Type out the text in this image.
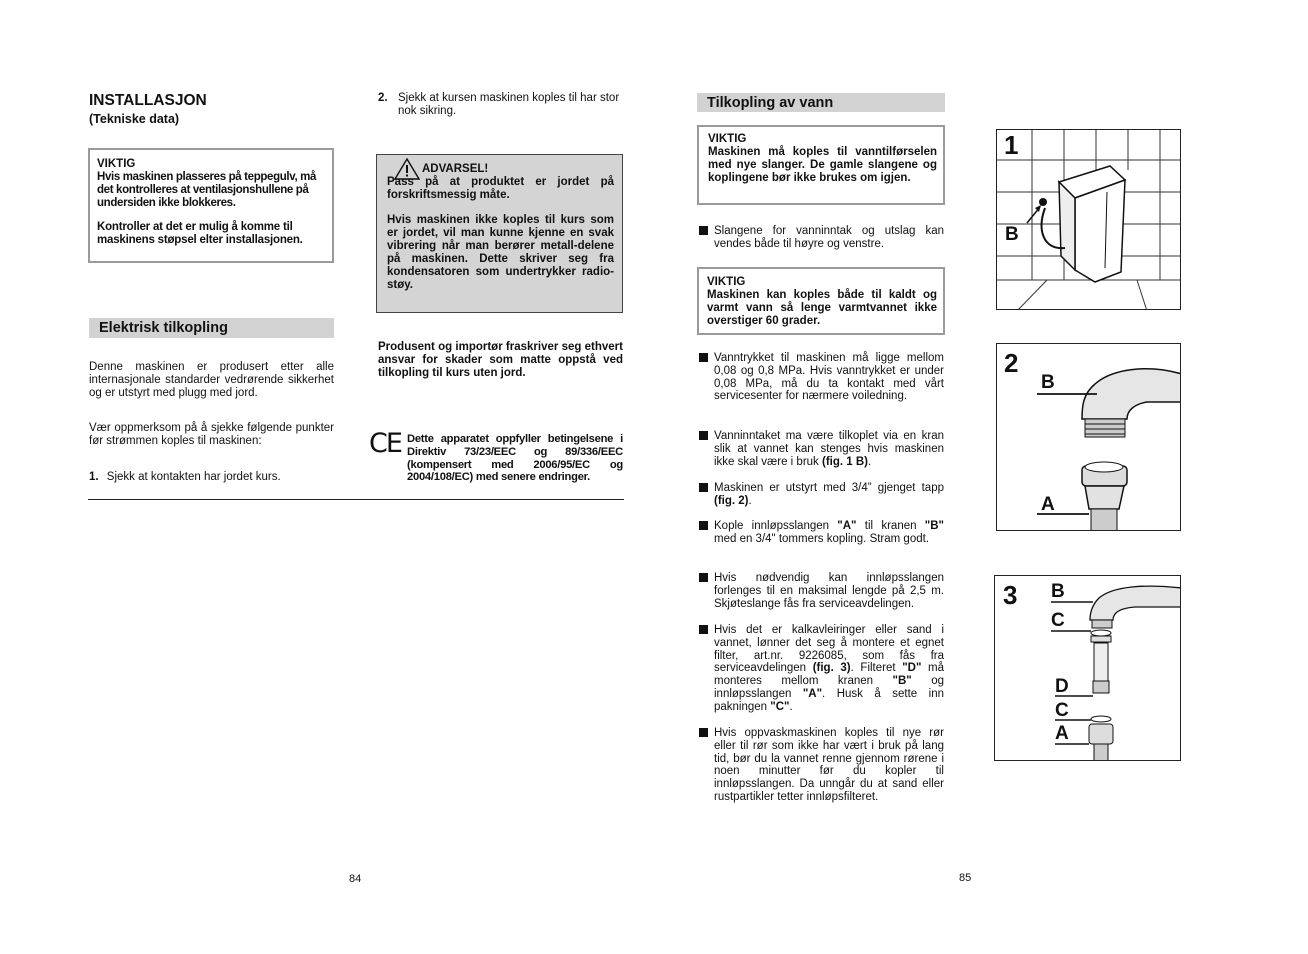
INSTALLASJON
(Tekniske data)

VIKTIG

Hvis maskinen plasseres på teppegulv, må det kontrolleres at ventilasjonshullene på undersiden ikke blokkeres.

Kontroller at det er mulig å komme til maskinens støpsel elter installasjonen.

Elektrisk tilkopling

Denne maskinen er produsert etter alle internasjonale standarder vedrørende sikkerhet og er utstyrt med plugg med jord.

Vær oppmerksom på å sjekke følgende punkter før strømmen koples til maskinen:

1. Sjekk at kontakten har jordet kurs.
2. Sjekk at kursen maskinen koples til har stor nok sikring.

ADVARSEL!

Pass på at produktet er jordet på forskriftsmessig måte.

Hvis maskinen ikke koples til kurs som er jordet, vil man kunne kjenne en svak vibrering når man berører metall-delene på maskinen. Dette skriver seg fra kondensatoren som undertrykker radio-støy.

Produsent og importør fraskriver seg ethvert ansvar for skader som matte oppstå ved tilkopling til kurs uten jord.

CE Dette apparatet oppfyller betingelsene i Direktiv 73/23/EEC og 89/336/EEC (kompensert med 2006/95/EC og 2004/108/EC) med senere endringer.

84
Tilkopling av vann

VIKTIG

Maskinen må koples til vanntilførselen med nye slanger. De gamle slangene og koplingene bør ikke brukes om igjen.

Slangene for vanninntak og utslag kan vendes både til høyre og venstre.

VIKTIG

Maskinen kan koples både til kaldt og varmt vann så lenge varmtvannet ikke overstiger 60 grader.

Vanntrykket til maskinen må ligge mellom 0,08 og 0,8 MPa. Hvis vanntrykket er under 0,08 MPa, må du ta kontakt med vårt servicesenter for nærmere voiledning.

Vanninntaket ma være tilkoplet via en kran slik at vannet kan stenges hvis maskinen ikke skal være i bruk (fig. 1 B).

Maskinen er utstyrt med 3/4” gjenget tapp (fig. 2).

Kople innløpsslangen "A" til kranen "B" med en 3/4" tommers kopling. Stram godt.

Hvis nødvendig kan innløpsslangen forlenges til en maksimal lengde på 2,5 m. Skjøteslange fås fra serviceavdelingen.

Hvis det er kalkavleiringer eller sand i vannet, lønner det seg å montere et egnet filter, art.nr. 9226085, som fås fra serviceavdelingen (fig. 3). Filteret "D" må monteres mellom kranen "B" og innløpsslangen "A". Husk å sette inn pakningen "C".

Hvis oppvaskmaskinen koples til nye rør eller til rør som ikke har vært i bruk på lang tid, bør du la vannet renne gjennom rørene i noen minutter før du kopler til innløpsslangen. Da unngår du at sand eller rustpartikler tetter innløpsfilteret.

1
B
2
B
A
3 B
C
D
C
A
85
